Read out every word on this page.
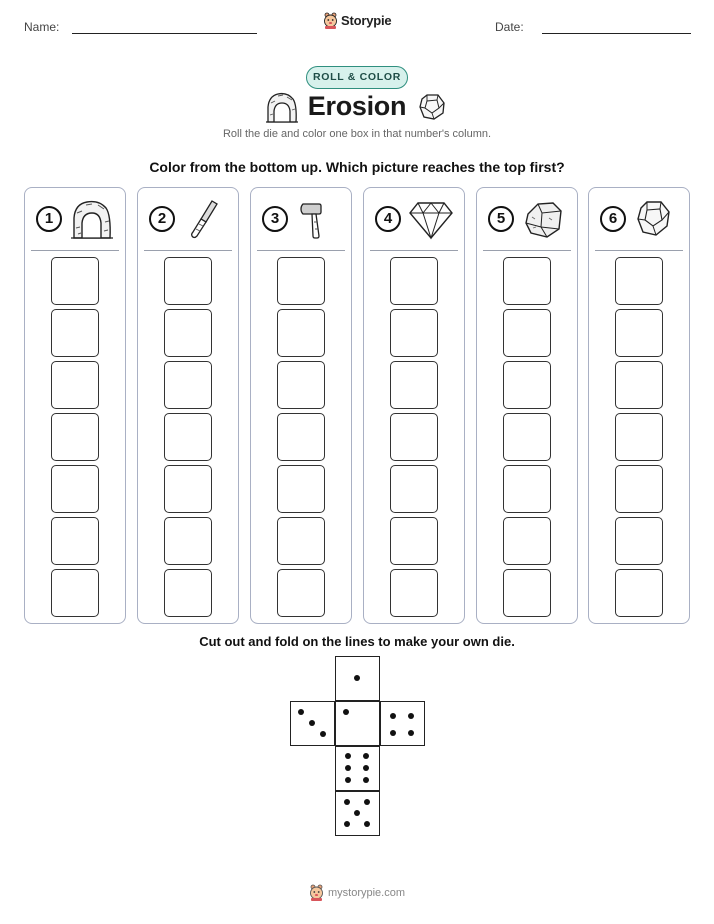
Name:	Storypie	Date:
ROLL & COLOR
Erosion
Roll the die and color one box in that number's column.
Color from the bottom up. Which picture reaches the top first?
1	2	3	4	5	6
Cut out and fold on the lines to make your own die.
mystorypie.com
